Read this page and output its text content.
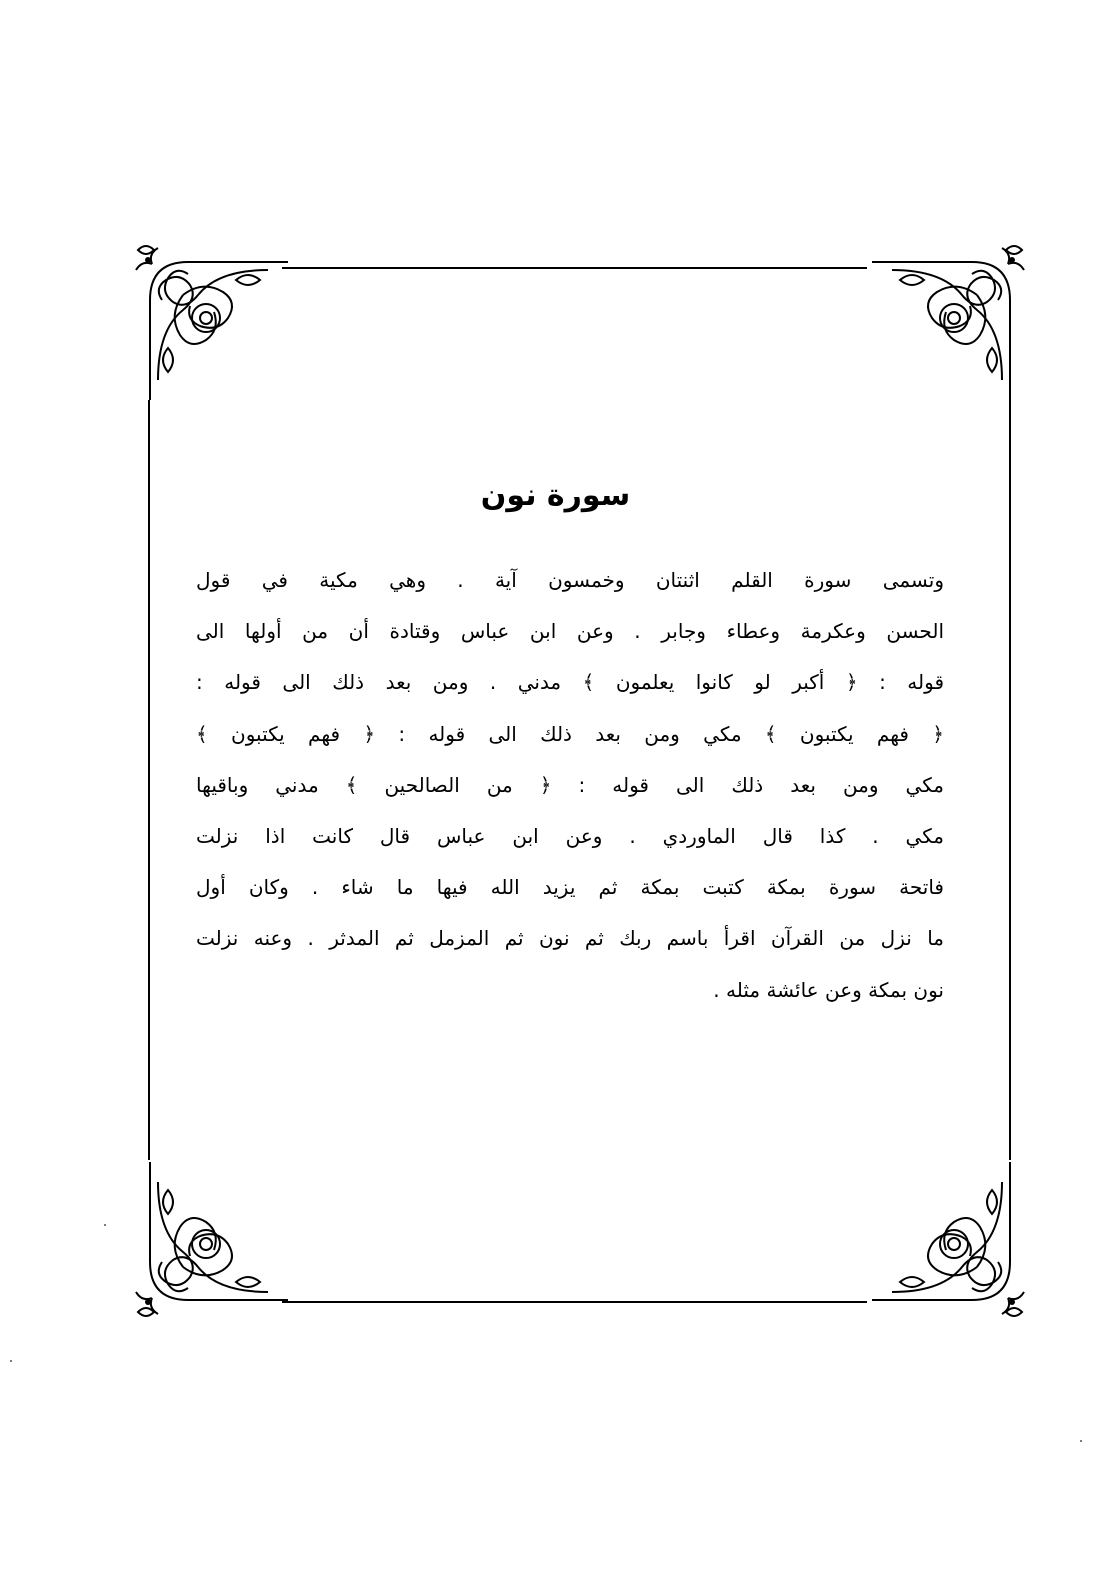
سورة نون
وتسمى سورة القلم اثنتان وخمسون آية . وهي مكية في قول
الحسن وعكرمة وعطاء وجابر . وعن ابن عباس وقتادة أن من أولها الى
قوله : ﴿ أكبر لو كانوا يعلمون ﴾ مدني . ومن بعد ذلك الى قوله :
﴿ فهم يكتبون ﴾ مكي ومن بعد ذلك الى قوله : ﴿ فهم يكتبون ﴾
مكي ومن بعد ذلك الى قوله : ﴿ من الصالحين ﴾ مدني وباقيها
مكي . كذا قال الماوردي . وعن ابن عباس قال كانت اذا نزلت
فاتحة سورة بمكة كتبت بمكة ثم يزيد الله فيها ما شاء . وكان أول
ما نزل من القرآن اقرأ باسم ربك ثم نون ثم المزمل ثم المدثر . وعنه نزلت
نون بمكة وعن عائشة مثله .
